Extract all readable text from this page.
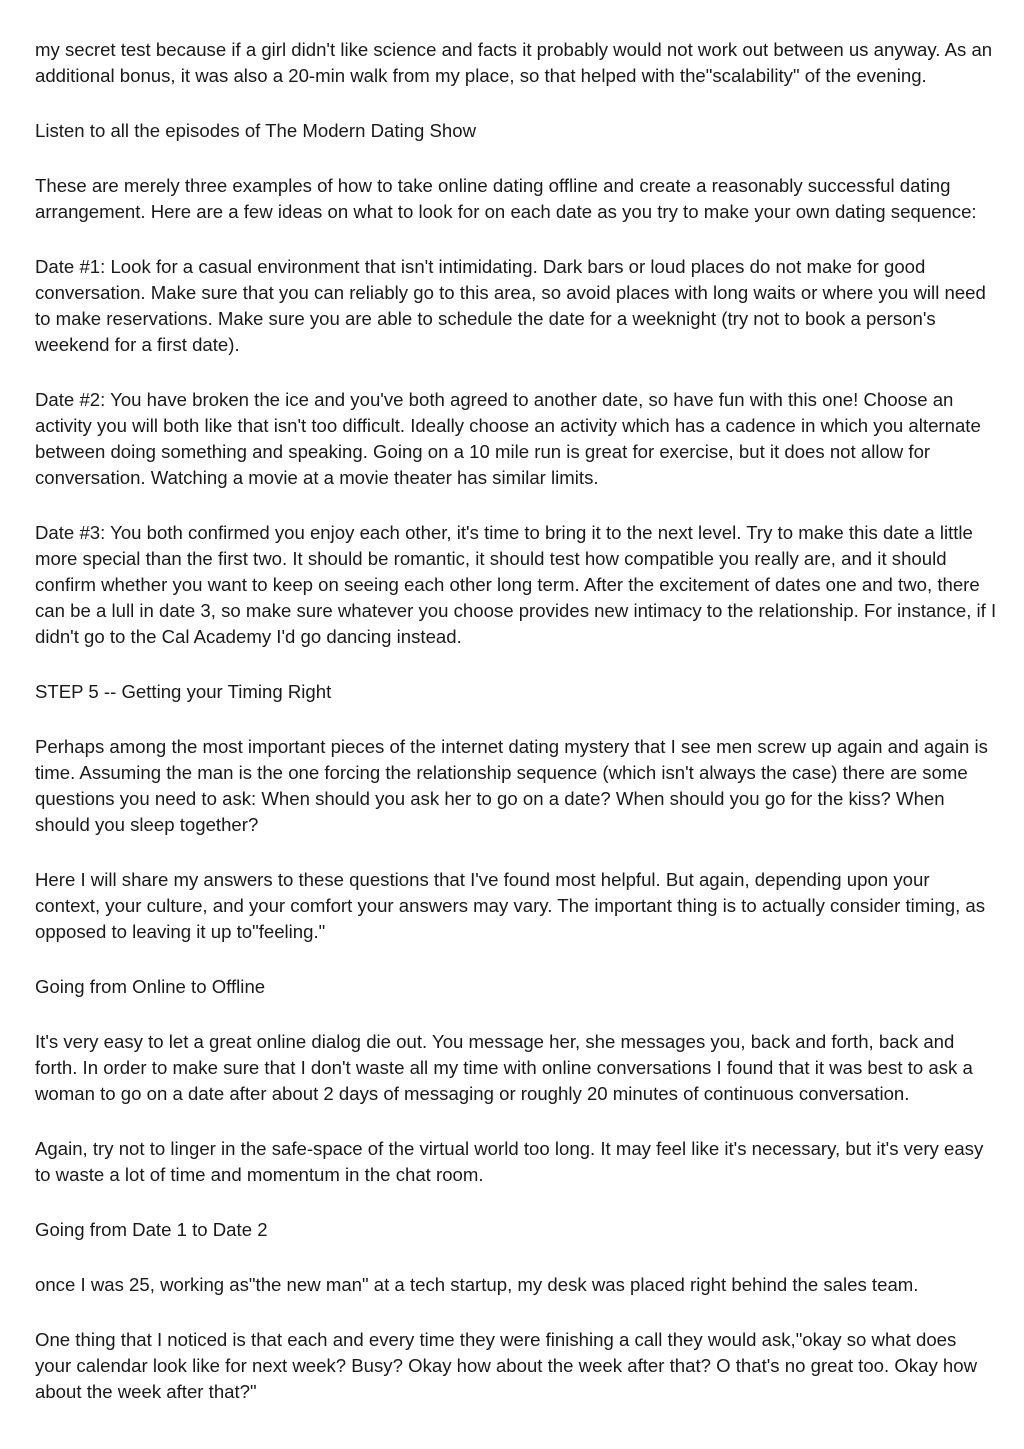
my secret test because if a girl didn't like science and facts it probably would not work out between us anyway. As an additional bonus, it was also a 20-min walk from my place, so that helped with the"scalability" of the evening.

Listen to all the episodes of The Modern Dating Show

These are merely three examples of how to take online dating offline and create a reasonably successful dating arrangement. Here are a few ideas on what to look for on each date as you try to make your own dating sequence:

Date #1: Look for a casual environment that isn't intimidating. Dark bars or loud places do not make for good conversation. Make sure that you can reliably go to this area, so avoid places with long waits or where you will need to make reservations. Make sure you are able to schedule the date for a weeknight (try not to book a person's weekend for a first date).

Date #2: You have broken the ice and you've both agreed to another date, so have fun with this one! Choose an activity you will both like that isn't too difficult. Ideally choose an activity which has a cadence in which you alternate between doing something and speaking. Going on a 10 mile run is great for exercise, but it does not allow for conversation. Watching a movie at a movie theater has similar limits.

Date #3: You both confirmed you enjoy each other, it's time to bring it to the next level. Try to make this date a little more special than the first two. It should be romantic, it should test how compatible you really are, and it should confirm whether you want to keep on seeing each other long term. After the excitement of dates one and two, there can be a lull in date 3, so make sure whatever you choose provides new intimacy to the relationship. For instance, if I didn't go to the Cal Academy I'd go dancing instead.

STEP 5 -- Getting your Timing Right

Perhaps among the most important pieces of the internet dating mystery that I see men screw up again and again is time. Assuming the man is the one forcing the relationship sequence (which isn't always the case) there are some questions you need to ask: When should you ask her to go on a date? When should you go for the kiss? When should you sleep together?

Here I will share my answers to these questions that I've found most helpful. But again, depending upon your context, your culture, and your comfort your answers may vary. The important thing is to actually consider timing, as opposed to leaving it up to"feeling."

Going from Online to Offline

It's very easy to let a great online dialog die out. You message her, she messages you, back and forth, back and forth. In order to make sure that I don't waste all my time with online conversations I found that it was best to ask a woman to go on a date after about 2 days of messaging or roughly 20 minutes of continuous conversation.

Again, try not to linger in the safe-space of the virtual world too long. It may feel like it's necessary, but it's very easy to waste a lot of time and momentum in the chat room.

Going from Date 1 to Date 2

once I was 25, working as"the new man" at a tech startup, my desk was placed right behind the sales team.

One thing that I noticed is that each and every time they were finishing a call they would ask,"okay so what does your calendar look like for next week? Busy? Okay how about the week after that? O that's no great too. Okay how about the week after that?"
